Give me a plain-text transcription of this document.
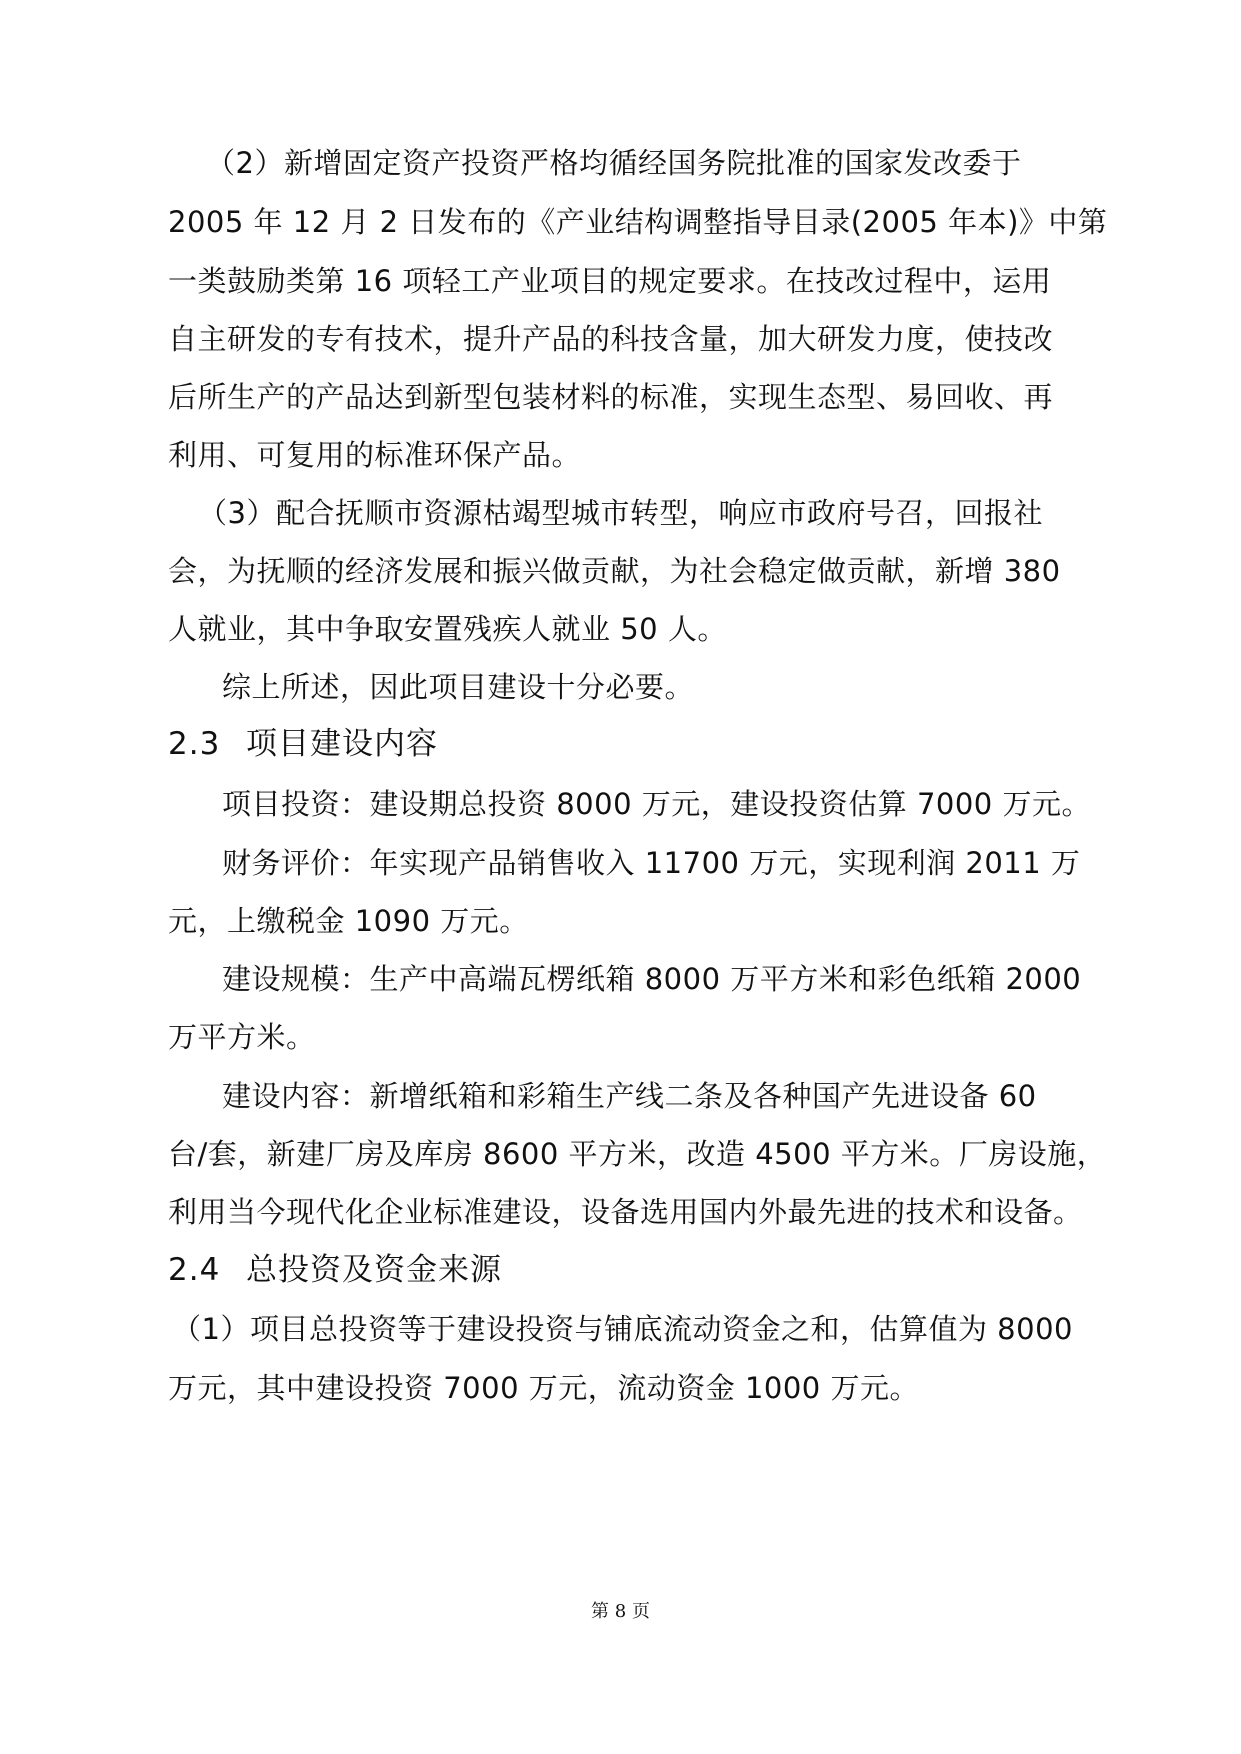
（2）新增固定资产投资严格均循经国务院批准的国家发改委于
2005 年 12 月 2 日发布的《产业结构调整指导目录(2005 年本)》中第
一类鼓励类第 16 项轻工产业项目的规定要求。在技改过程中，运用
自主研发的专有技术，提升产品的科技含量，加大研发力度，使技改
后所生产的产品达到新型包装材料的标准，实现生态型、易回收、再
利用、可复用的标准环保产品。
（3）配合抚顺市资源枯竭型城市转型，响应市政府号召，回报社
会，为抚顺的经济发展和振兴做贡献，为社会稳定做贡献，新增 380
人就业，其中争取安置残疾人就业 50 人。
综上所述，因此项目建设十分必要。
2.3 项目建设内容
项目投资：建设期总投资 8000 万元，建设投资估算 7000 万元。
财务评价：年实现产品销售收入 11700 万元，实现利润 2011 万
元，上缴税金 1090 万元。
建设规模：生产中高端瓦楞纸箱 8000 万平方米和彩色纸箱 2000
万平方米。
建设内容：新增纸箱和彩箱生产线二条及各种国产先进设备 60
台/套，新建厂房及库房 8600 平方米，改造 4500 平方米。厂房设施，
利用当今现代化企业标准建设，设备选用国内外最先进的技术和设备。
2.4 总投资及资金来源
（1）项目总投资等于建设投资与铺底流动资金之和，估算值为 8000
万元，其中建设投资 7000 万元，流动资金 1000 万元。
第 8 页
